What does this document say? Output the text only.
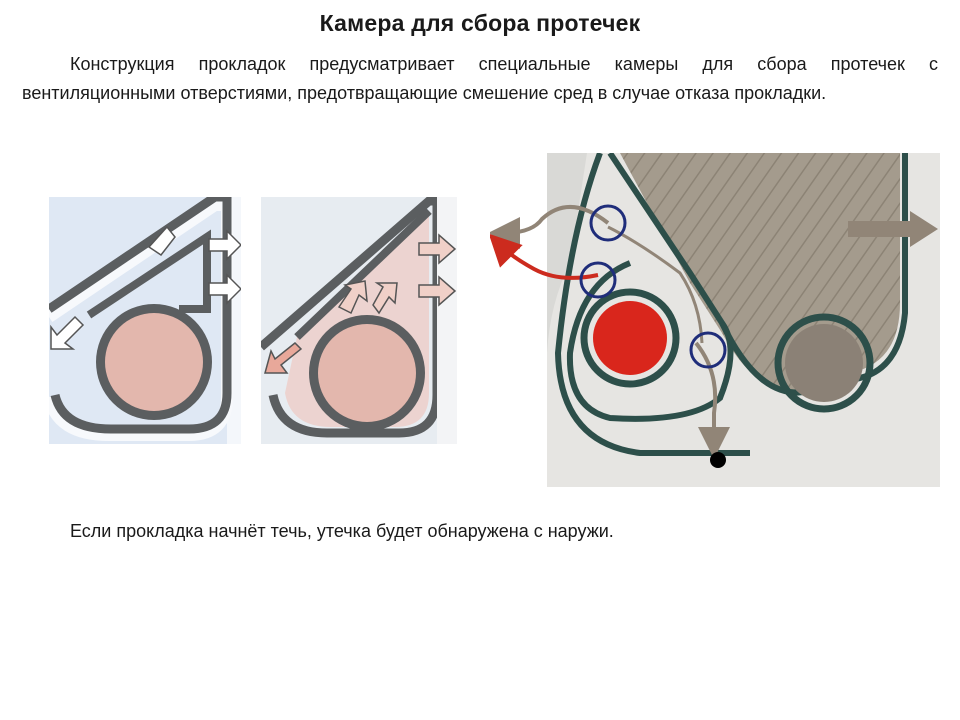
Камера для сбора протечек

Конструкция прокладок предусматривает специальные камеры для сбора протечек с вентиляционными отверстиями, предотвращающие смешение сред в случае отказа прокладки.

Если прокладка начнёт течь, утечка будет обнаружена с наружи.
